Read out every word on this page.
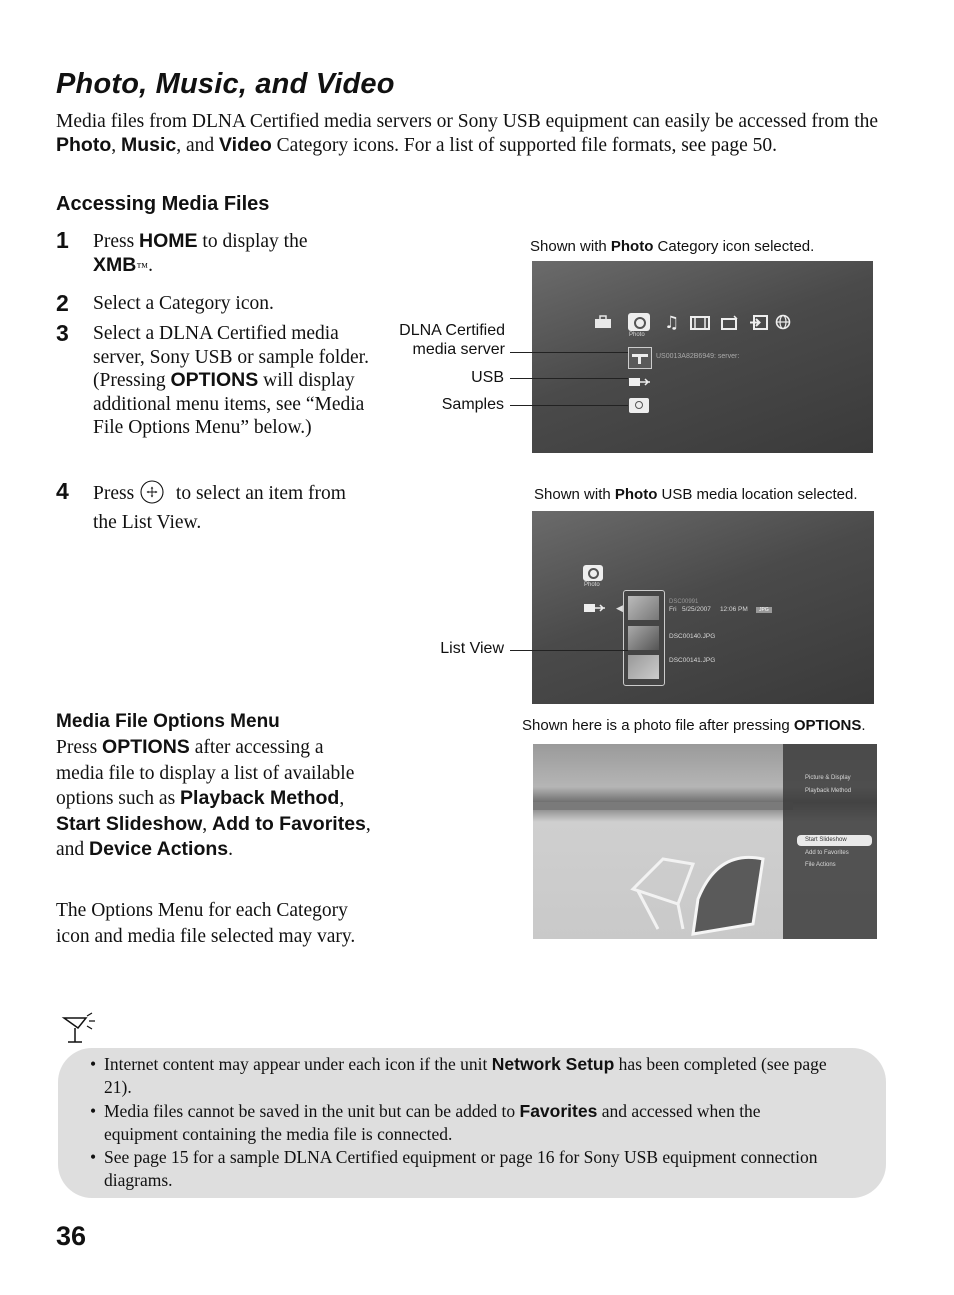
Photo, Music, and Video
Media files from DLNA Certified media servers or Sony USB equipment can easily be accessed from the Photo, Music, and Video Category icons. For a list of supported file formats, see page 50.
Accessing Media Files
1 Press HOME to display the XMB™.
2 Select a Category icon.
3 Select a DLNA Certified media server, Sony USB or sample folder. (Pressing OPTIONS will display additional menu items, see “Media File Options Menu” below.)
4 Press  to select an item from the List View.
Shown with Photo Category icon selected.
Photo
♫
US0013A82B6949: server:
DLNA Certified
media server
USB
Samples
Shown with Photo USB media location selected.
Photo
◀
DSC00991
Fri   5/25/2007     12:06 PM	JPG
DSC00140.JPG
DSC00141.JPG
List View
Shown here is a photo file after pressing OPTIONS.
Picture & Display
Playback Method
Start Slideshow
Add to Favorites
File Actions
Media File Options Menu
Press OPTIONS after accessing a media file to display a list of available options such as Playback Method, Start Slideshow, Add to Favorites, and Device Actions.
The Options Menu for each Category icon and media file selected may vary.
• Internet content may appear under each icon if the unit Network Setup has been completed (see page 21).
• Media files cannot be saved in the unit but can be added to Favorites and accessed when the equipment containing the media file is connected.
• See page 15 for a sample DLNA Certified equipment or page 16 for Sony USB equipment connection diagrams.
36
